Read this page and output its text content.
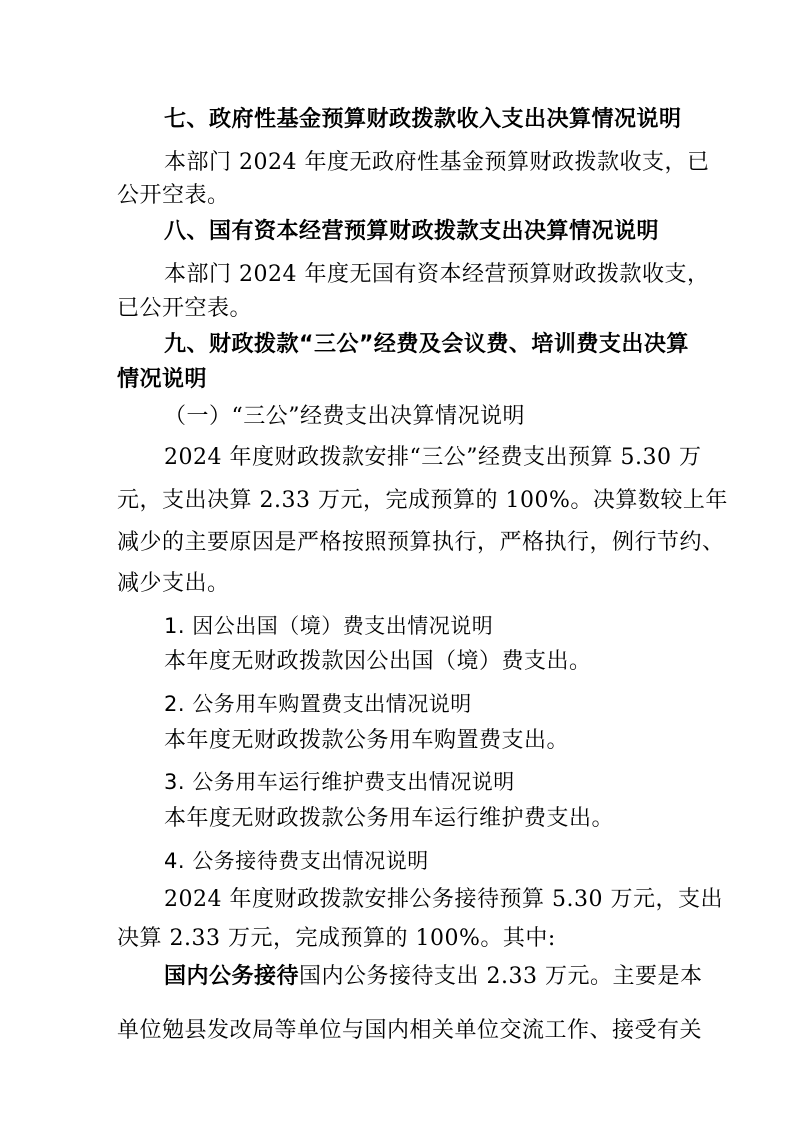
七、政府性基金预算财政拨款收入支出决算情况说明
本部门 2024 年度无政府性基金预算财政拨款收支，已
公开空表。
八、国有资本经营预算财政拨款支出决算情况说明
本部门 2024 年度无国有资本经营预算财政拨款收支，
已公开空表。
九、财政拨款“三公”经费及会议费、培训费支出决算
情况说明
（一）“三公”经费支出决算情况说明
2024 年度财政拨款安排“三公”经费支出预算 5.30 万
元，支出决算 2.33 万元，完成预算的 100%。决算数较上年
减少的主要原因是严格按照预算执行，严格执行，例行节约、
减少支出。
1. 因公出国（境）费支出情况说明
本年度无财政拨款因公出国（境）费支出。
2. 公务用车购置费支出情况说明
本年度无财政拨款公务用车购置费支出。
3. 公务用车运行维护费支出情况说明
本年度无财政拨款公务用车运行维护费支出。
4. 公务接待费支出情况说明
2024 年度财政拨款安排公务接待预算 5.30 万元，支出
决算 2.33 万元，完成预算的 100%。其中:
国内公务接待国内公务接待支出 2.33 万元。主要是本
单位勉县发改局等单位与国内相关单位交流工作、接受有关
